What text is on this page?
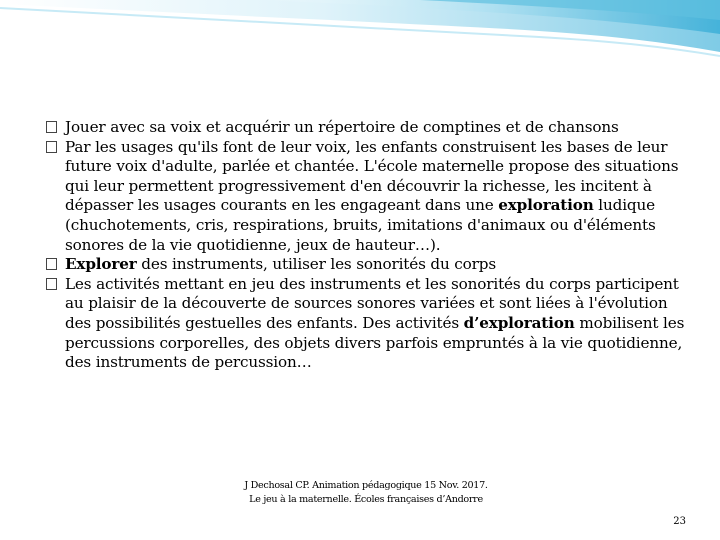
Jouer avec sa voix et acquérir un répertoire de comptines et de chansons
Par les usages qu'ils font de leur voix, les enfants construisent les bases de leur future voix d'adulte, parlée et chantée. L'école maternelle propose des situations qui leur permettent progressivement d'en découvrir la richesse, les incitent à dépasser les usages courants en les engageant dans une exploration ludique (chuchotements, cris, respirations, bruits, imitations d'animaux ou d'éléments sonores de la vie quotidienne, jeux de hauteur…).
Explorer des instruments, utiliser les sonorités du corps
Les activités mettant en jeu des instruments et les sonorités du corps participent au plaisir de la découverte de sources sonores variées et sont liées à l'évolution des possibilités gestuelles des enfants. Des activités d’exploration mobilisent les percussions corporelles, des objets divers parfois empruntés à la vie quotidienne, des instruments de percussion…
J Dechosal CP. Animation pédagogique 15 Nov. 2017.
Le jeu à la maternelle. Écoles françaises d’Andorre
23
